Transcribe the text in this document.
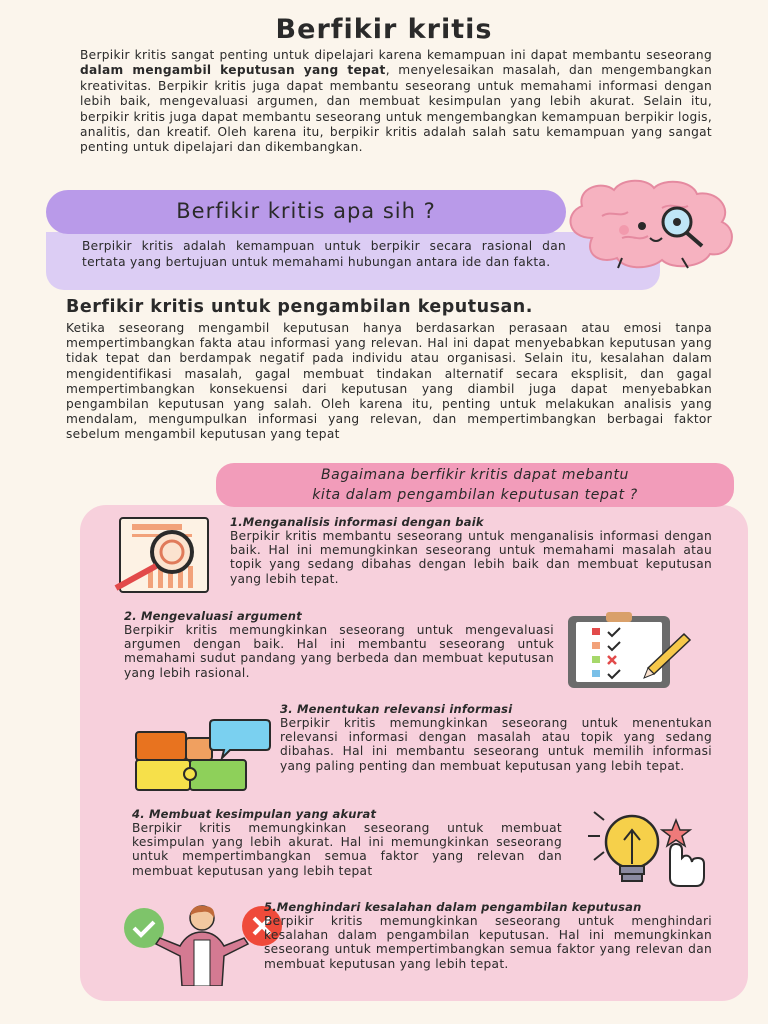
Berfikir kritis
Berpikir kritis sangat penting untuk dipelajari karena kemampuan ini dapat membantu seseorang dalam mengambil keputusan yang tepat, menyelesaikan masalah, dan mengembangkan kreativitas. Berpikir kritis juga dapat membantu seseorang untuk memahami informasi dengan lebih baik, mengevaluasi argumen, dan membuat kesimpulan yang lebih akurat. Selain itu, berpikir kritis juga dapat membantu seseorang untuk mengembangkan kemampuan berpikir logis, analitis, dan kreatif. Oleh karena itu, berpikir kritis adalah salah satu kemampuan yang sangat penting untuk dipelajari dan dikembangkan.
Berfikir kritis apa sih ?
Berpikir kritis adalah kemampuan untuk berpikir secara rasional dan tertata yang bertujuan untuk memahami hubungan antara ide dan fakta.
Berfikir kritis untuk pengambilan keputusan.
Ketika seseorang mengambil keputusan hanya berdasarkan perasaan atau emosi tanpa mempertimbangkan fakta atau informasi yang relevan. Hal ini dapat menyebabkan keputusan yang tidak tepat dan berdampak negatif pada individu atau organisasi. Selain itu, kesalahan dalam mengidentifikasi masalah, gagal membuat tindakan alternatif secara eksplisit, dan gagal mempertimbangkan konsekuensi dari keputusan yang diambil juga dapat menyebabkan pengambilan keputusan yang salah. Oleh karena itu, penting untuk melakukan analisis yang mendalam, mengumpulkan informasi yang relevan, dan mempertimbangkan berbagai faktor sebelum mengambil keputusan yang tepat
Bagaimana berfikir kritis dapat mebantu
kita dalam pengambilan keputusan tepat ?
1.Menganalisis informasi dengan baik
Berpikir kritis membantu seseorang untuk menganalisis informasi dengan baik. Hal ini memungkinkan seseorang untuk memahami masalah atau topik yang sedang dibahas dengan lebih baik dan membuat keputusan yang lebih tepat.
2. Mengevaluasi argument
Berpikir kritis memungkinkan seseorang untuk mengevaluasi argumen dengan baik. Hal ini membantu seseorang untuk memahami sudut pandang yang berbeda dan membuat keputusan yang lebih rasional.
3. Menentukan relevansi informasi
Berpikir kritis memungkinkan seseorang untuk menentukan relevansi informasi dengan masalah atau topik yang sedang dibahas. Hal ini membantu seseorang untuk memilih informasi yang paling penting dan membuat keputusan yang lebih tepat.
4. Membuat kesimpulan yang akurat
Berpikir kritis memungkinkan seseorang untuk membuat kesimpulan yang lebih akurat. Hal ini memungkinkan seseorang untuk mempertimbangkan semua faktor yang relevan dan membuat keputusan yang lebih tepat
5.Menghindari kesalahan dalam pengambilan keputusan
Berpikir kritis memungkinkan seseorang untuk menghindari kesalahan dalam pengambilan keputusan. Hal ini memungkinkan seseorang untuk mempertimbangkan semua faktor yang relevan dan membuat keputusan yang lebih tepat.
